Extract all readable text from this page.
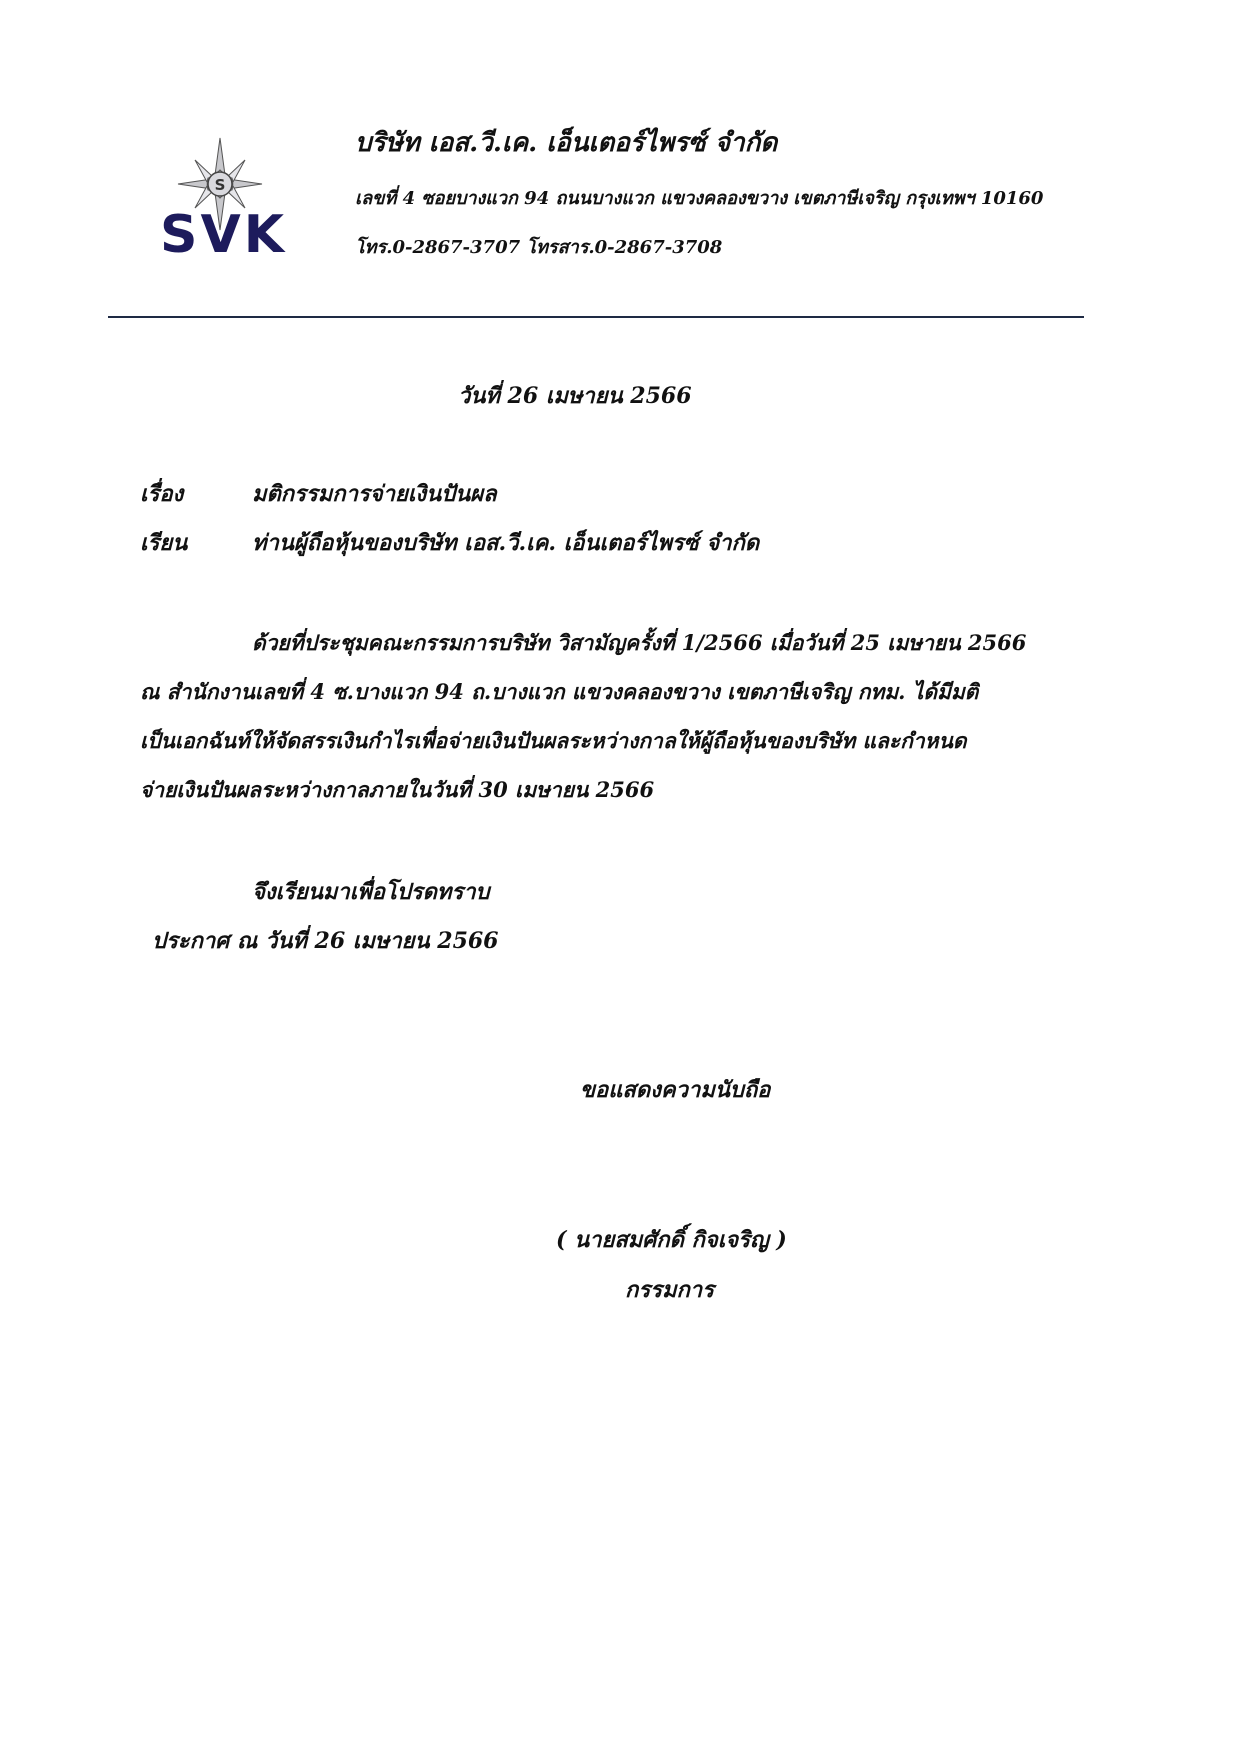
S
SVK
บริษัท เอส.วี.เค. เอ็นเตอร์ไพรซ์ จำกัด
เลขที่ 4 ซอยบางแวก 94 ถนนบางแวก แขวงคลองขวาง เขตภาษีเจริญ กรุงเทพฯ 10160
โทร.0-2867-3707 โทรสาร.0-2867-3708
วันที่ 26 เมษายน 2566
เรื่อง	มติกรรมการจ่ายเงินปันผล
เรียน	ท่านผู้ถือหุ้นของบริษัท เอส.วี.เค. เอ็นเตอร์ไพรซ์ จำกัด
ด้วยที่ประชุมคณะกรรมการบริษัท วิสามัญครั้งที่ 1/2566 เมื่อวันที่ 25 เมษายน 2566
ณ สำนักงานเลขที่ 4 ซ.บางแวก 94 ถ.บางแวก แขวงคลองขวาง เขตภาษีเจริญ กทม. ได้มีมติ
เป็นเอกฉันท์ให้จัดสรรเงินกำไรเพื่อจ่ายเงินปันผลระหว่างกาลให้ผู้ถือหุ้นของบริษัท และกำหนด
จ่ายเงินปันผลระหว่างกาลภายในวันที่ 30 เมษายน 2566
จึงเรียนมาเพื่อโปรดทราบ
ประกาศ ณ วันที่ 26 เมษายน 2566
ขอแสดงความนับถือ
( นายสมศักดิ์ กิจเจริญ )
กรรมการ
